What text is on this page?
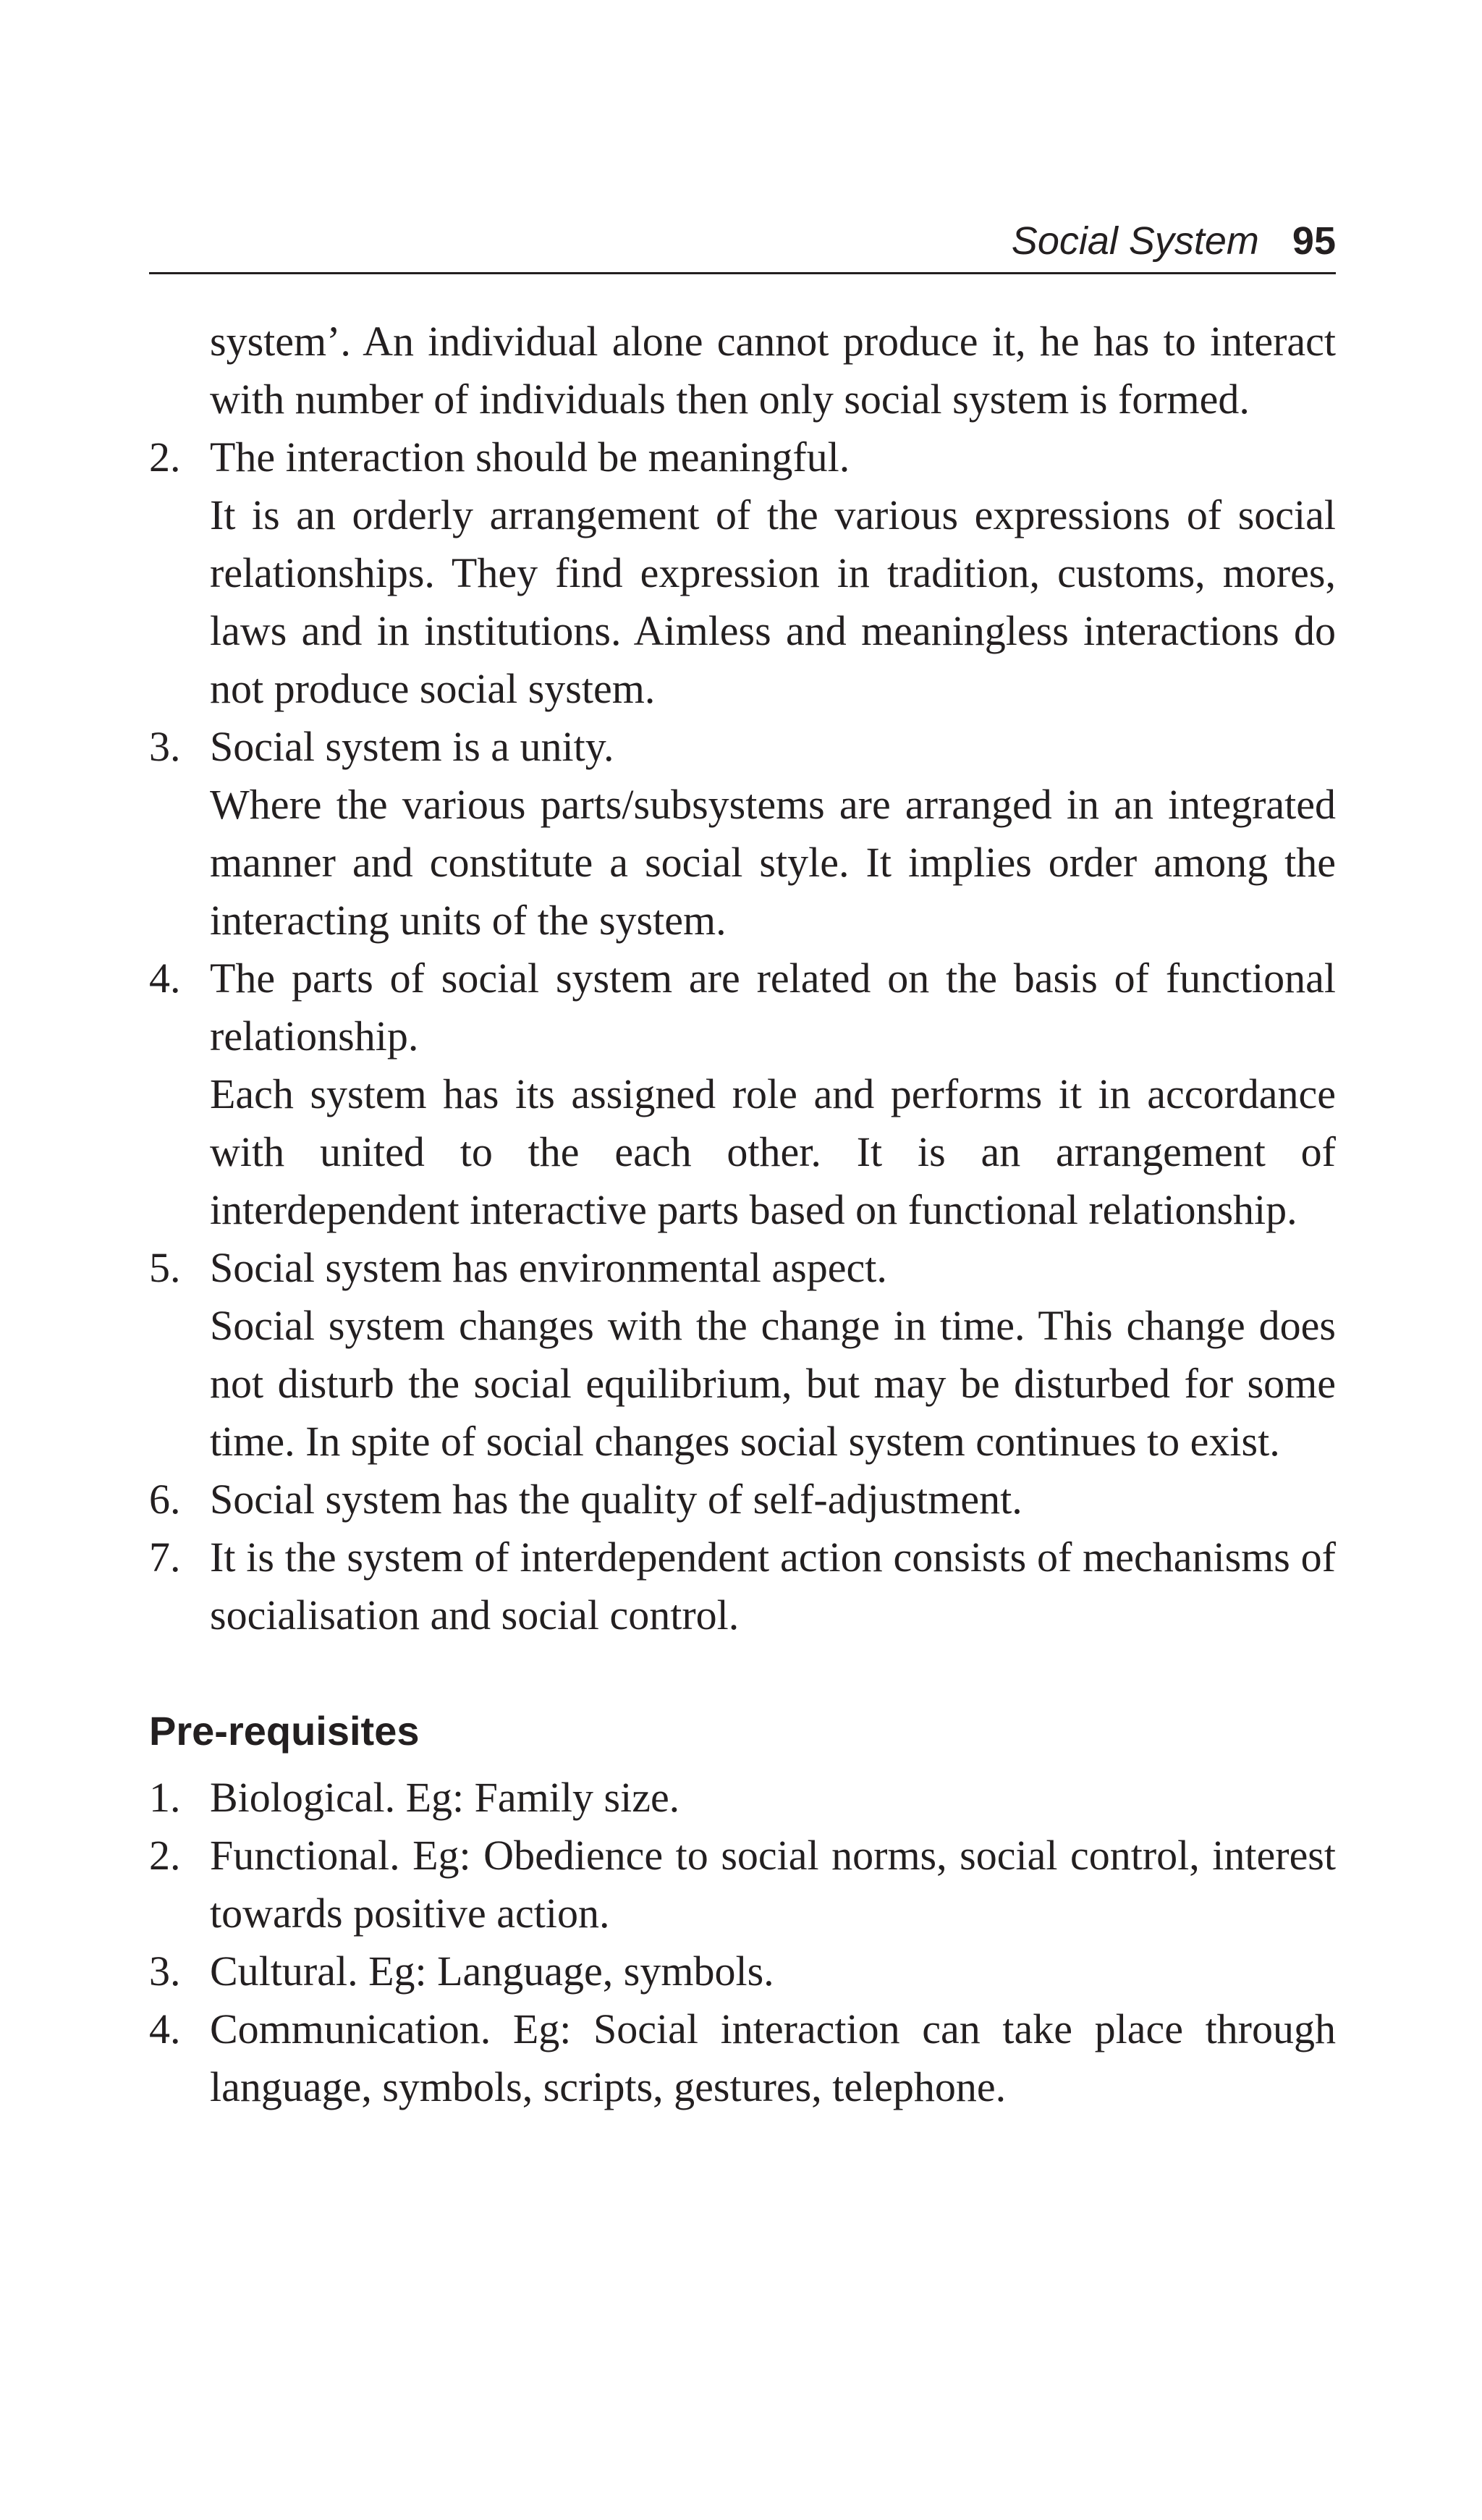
Social System 95

system’. An individual alone cannot produce it, he has to interact with number of individuals then only social system is formed.

2. The interaction should be meaningful.
It is an orderly arrangement of the various expressions of social relationships. They find expression in tradition, customs, mores, laws and in institutions. Aimless and meaningless interactions do not produce social system.
3. Social system is a unity.
Where the various parts/subsystems are arranged in an integrated manner and constitute a social style. It implies order among the interacting units of the system.
4. The parts of social system are related on the basis of functional relationship.
Each system has its assigned role and performs it in accordance with united to the each other. It is an arrangement of interdependent interactive parts based on functional relationship.
5. Social system has environmental aspect.
Social system changes with the change in time. This change does not disturb the social equilibrium, but may be disturbed for some time. In spite of social changes social system continues to exist.
6. Social system has the quality of self-adjustment.
7. It is the system of interdependent action consists of mechanisms of socialisation and social control.
Pre-requisites
1. Biological. Eg: Family size.
2. Functional. Eg: Obedience to social norms, social control, interest towards positive action.
3. Cultural. Eg: Language, symbols.
4. Communication. Eg: Social interaction can take place through language, symbols, scripts, gestures, telephone.
